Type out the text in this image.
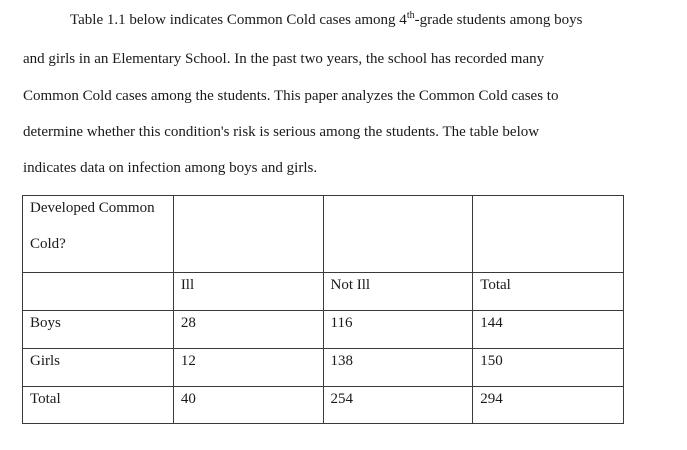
Table 1.1 below indicates Common Cold cases among 4th-grade students among boys
and girls in an Elementary School. In the past two years, the school has recorded many
Common Cold cases among the students. This paper analyzes the Common Cold cases to
determine whether this condition's risk is serious among the students. The table below
indicates data on infection among boys and girls.
Developed Common
Cold?			

	Ill	Not Ill	Total

Boys	28	116	144

Girls	12	138	150

Total	40	254	294
